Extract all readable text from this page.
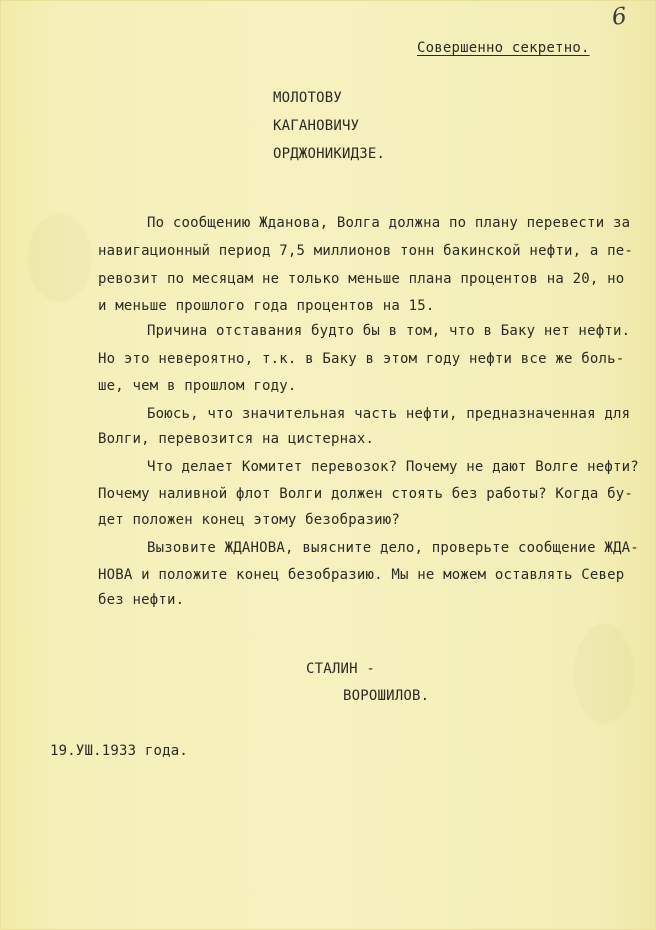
6
Совершенно секретно.
МОЛОТОВУ
КАГАНОВИЧУ
ОРДЖОНИКИДЗЕ.
По сообщению Жданова, Волга должна по плану перевести за
навигационный период 7,5 миллионов тонн бакинской нефти, а пе-
ревозит по месяцам не только меньше плана процентов на 20, но
и меньше прошлого года процентов на 15.
Причина отставания будто бы в том, что в Баку нет нефти.
Но это невероятно, т.к. в Баку в этом году нефти все же боль-
ше, чем в прошлом году.
Боюсь, что значительная часть нефти, предназначенная для
Волги, перевозится на цистернах.
Что делает Комитет перевозок? Почему не дают Волге нефти?
Почему наливной флот Волги должен стоять без работы? Когда бу-
дет положен конец этому безобразию?
Вызовите ЖДАНОВА, выясните дело, проверьте сообщение ЖДА-
НОВА и положите конец безобразию. Мы не можем оставлять Север
без нефти.
СТАЛИН -
ВОРОШИЛОВ.
19.УШ.1933 года.
